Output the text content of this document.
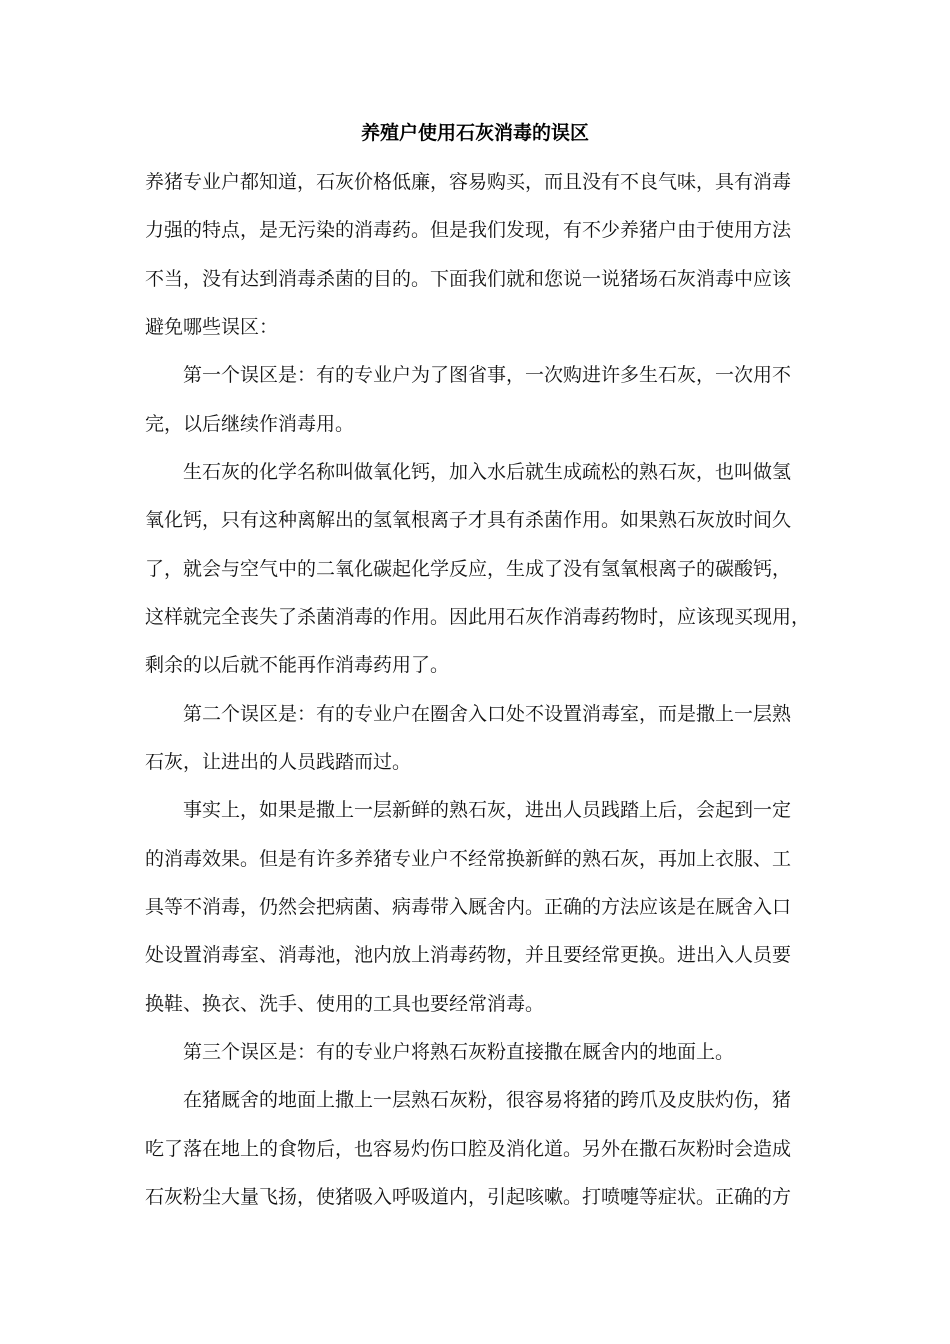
养殖户使用石灰消毒的误区
养猪专业户都知道，石灰价格低廉，容易购买，而且没有不良气味，具有消毒
力强的特点，是无污染的消毒药。但是我们发现，有不少养猪户由于使用方法
不当，没有达到消毒杀菌的目的。下面我们就和您说一说猪场石灰消毒中应该
避免哪些误区：
第一个误区是：有的专业户为了图省事，一次购进许多生石灰，一次用不
完，以后继续作消毒用。
生石灰的化学名称叫做氧化钙，加入水后就生成疏松的熟石灰，也叫做氢
氧化钙，只有这种离解出的氢氧根离子才具有杀菌作用。如果熟石灰放时间久
了，就会与空气中的二氧化碳起化学反应，生成了没有氢氧根离子的碳酸钙，
这样就完全丧失了杀菌消毒的作用。因此用石灰作消毒药物时，应该现买现用，
剩余的以后就不能再作消毒药用了。
第二个误区是：有的专业户在圈舍入口处不设置消毒室，而是撒上一层熟
石灰，让进出的人员践踏而过。
事实上，如果是撒上一层新鲜的熟石灰，进出人员践踏上后，会起到一定
的消毒效果。但是有许多养猪专业户不经常换新鲜的熟石灰，再加上衣服、工
具等不消毒，仍然会把病菌、病毒带入厩舍内。正确的方法应该是在厩舍入口
处设置消毒室、消毒池，池内放上消毒药物，并且要经常更换。进出入人员要
换鞋、换衣、洗手、使用的工具也要经常消毒。
第三个误区是：有的专业户将熟石灰粉直接撒在厩舍内的地面上。
在猪厩舍的地面上撒上一层熟石灰粉，很容易将猪的跨爪及皮肤灼伤，猪
吃了落在地上的食物后，也容易灼伤口腔及消化道。另外在撒石灰粉时会造成
石灰粉尘大量飞扬，使猪吸入呼吸道内，引起咳嗽。打喷嚏等症状。正确的方
